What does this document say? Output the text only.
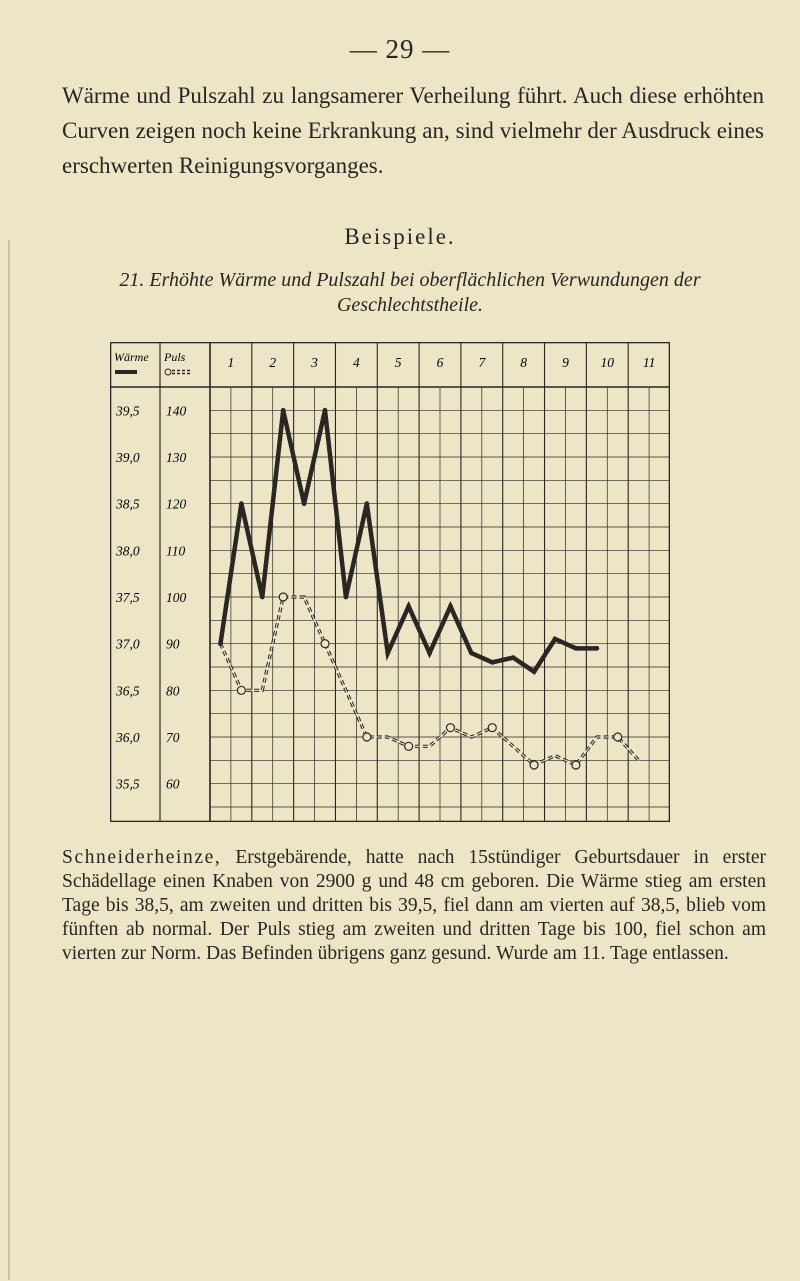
— 29 —

Wärme und Pulszahl zu langsamerer Verheilung führt. Auch diese erhöhten Curven zeigen noch keine Erkrankung an, sind vielmehr der Ausdruck eines erschwerten Reinigungsvorganges.

Beispiele.
21. Erhöhte Wärme und Pulszahl bei oberflächlichen Verwundungen der Geschlechtstheile.
Wärme Puls	1	2	3	4	5	6	7	8	9 10 11
39,5 140
39,0 130
38,5 120
38,0 110
37,5 100
37,0 90
36,5 80
36,0 70
35,5 60

Schneiderheinze, Erstgebärende, hatte nach 15stündiger Geburtsdauer in erster Schädellage einen Knaben von 2900 g und 48 cm geboren. Die Wärme stieg am ersten Tage bis 38,5, am zweiten und dritten bis 39,5, fiel dann am vierten auf 38,5, blieb vom fünften ab normal. Der Puls stieg am zweiten und dritten Tage bis 100, fiel schon am vierten zur Norm. Das Befinden übrigens ganz gesund. Wurde am 11. Tage entlassen.
